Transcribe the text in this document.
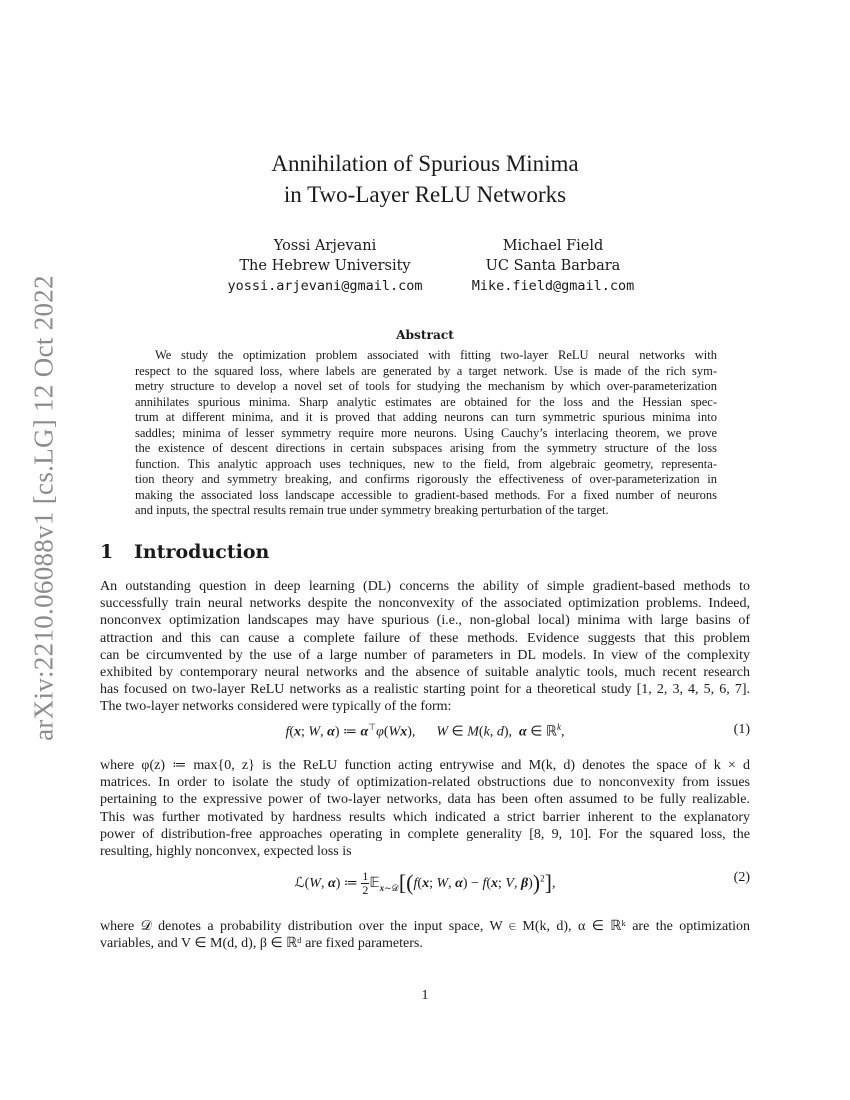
arXiv:2210.06088v1 [cs.LG] 12 Oct 2022
Annihilation of Spurious Minima
in Two-Layer ReLU Networks
Yossi Arjevani
The Hebrew University
yossi.arjevani@gmail.com
Michael Field
UC Santa Barbara
Mike.field@gmail.com
Abstract
We study the optimization problem associated with fitting two-layer ReLU neural networks with
respect to the squared loss, where labels are generated by a target network. Use is made of the rich sym-
metry structure to develop a novel set of tools for studying the mechanism by which over-parameterization
annihilates spurious minima. Sharp analytic estimates are obtained for the loss and the Hessian spec-
trum at different minima, and it is proved that adding neurons can turn symmetric spurious minima into
saddles; minima of lesser symmetry require more neurons. Using Cauchy’s interlacing theorem, we prove
the existence of descent directions in certain subspaces arising from the symmetry structure of the loss
function. This analytic approach uses techniques, new to the field, from algebraic geometry, representa-
tion theory and symmetry breaking, and confirms rigorously the effectiveness of over-parameterization in
making the associated loss landscape accessible to gradient-based methods. For a fixed number of neurons
and inputs, the spectral results remain true under symmetry breaking perturbation of the target.
1 Introduction
An outstanding question in deep learning (DL) concerns the ability of simple gradient-based methods to
successfully train neural networks despite the nonconvexity of the associated optimization problems. Indeed,
nonconvex optimization landscapes may have spurious (i.e., non-global local) minima with large basins of
attraction and this can cause a complete failure of these methods. Evidence suggests that this problem
can be circumvented by the use of a large number of parameters in DL models. In view of the complexity
exhibited by contemporary neural networks and the absence of suitable analytic tools, much recent research
has focused on two-layer ReLU networks as a realistic starting point for a theoretical study [1, 2, 3, 4, 5, 6, 7].
The two-layer networks considered were typically of the form:
f(x; W, α) ≔ α⊤φ(Wx),      W ∈ M(k, d),  α ∈ ℝ$^k$,	(1)
where φ(z) ≔ max{0, z} is the ReLU function acting entrywise and M(k, d) denotes the space of k × d
matrices. In order to isolate the study of optimization-related obstructions due to nonconvexity from issues
pertaining to the expressive power of two-layer networks, data has been often assumed to be fully realizable.
This was further motivated by hardness results which indicated a strict barrier inherent to the explanatory
power of distribution-free approaches operating in complete generality [8, 9, 10]. For the squared loss, the
resulting, highly nonconvex, expected loss is
ℒ(W, α) ≔ $\frac{1}{2}$ 𝔼$_{x\sim 𝒟}$[(f(x; W, α) − f(x; V, β))$^2$],	(2)
where 𝒟 denotes a probability distribution over the input space, W ∈ M(k, d), α ∈ ℝᵏ are the optimization
variables, and V ∈ M(d, d), β ∈ ℝᵈ are fixed parameters.
1
